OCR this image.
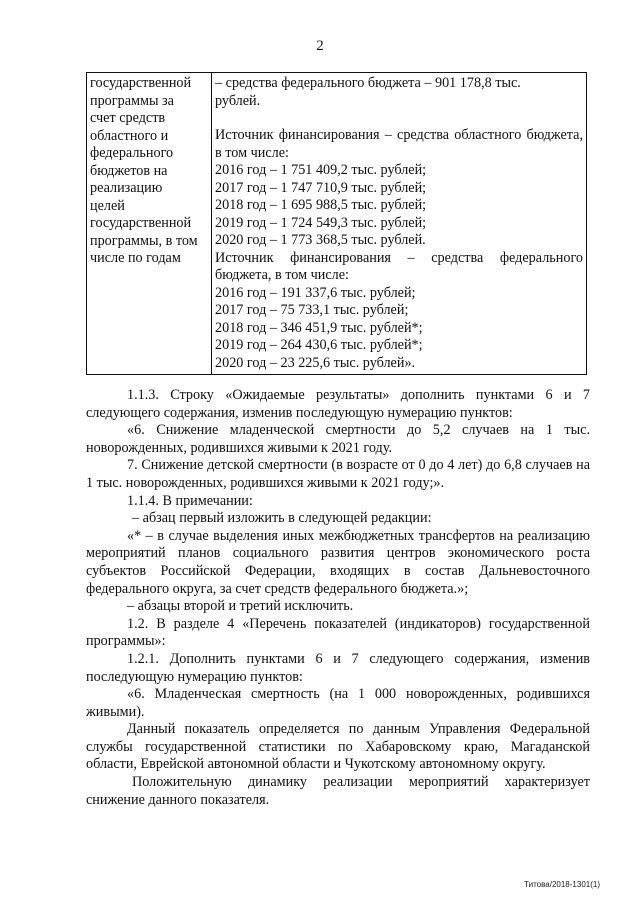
2
государственной
программы за
счет средств
областного и
федерального
бюджетов на
реализацию
целей
государственной
программы, в том
числе по годам

– средства федерального бюджета – 901 178,8 тыс.
рублей.

Источник финансирования – средства областного бюджета, в том числе:

2016 год – 1 751 409,2 тыс. рублей;
2017 год – 1 747 710,9 тыс. рублей;
2018 год – 1 695 988,5 тыс. рублей;
2019 год – 1 724 549,3 тыс. рублей;
2020 год – 1 773 368,5 тыс. рублей.

Источник финансирования – средства федерального бюджета, в том числе:

2016 год – 191 337,6 тыс. рублей;
2017 год – 75 733,1 тыс. рублей;
2018 год – 346 451,9 тыс. рублей*;
2019 год – 264 430,6 тыс. рублей*;
2020 год – 23 225,6 тыс. рублей».

1.1.3. Строку «Ожидаемые результаты» дополнить пунктами 6 и 7 следующего содержания, изменив последующую нумерацию пунктов:

«6. Снижение младенческой смертности до 5,2 случаев на 1 тыс. новорожденных, родившихся живыми к 2021 году.

7. Снижение детской смертности (в возрасте от 0 до 4 лет) до 6,8 случаев на 1 тыс. новорожденных, родившихся живыми к 2021 году;».

1.1.4. В примечании:

– абзац первый изложить в следующей редакции:

«* – в случае выделения иных межбюджетных трансфертов на реализацию мероприятий планов социального развития центров экономического роста субъектов Российской Федерации, входящих в состав Дальневосточного федерального округа, за счет средств федерального бюджета.»;

– абзацы второй и третий исключить.

1.2. В разделе 4 «Перечень показателей (индикаторов) государственной программы»:

1.2.1. Дополнить пунктами 6 и 7 следующего содержания, изменив последующую нумерацию пунктов:

«6. Младенческая смертность (на 1 000 новорожденных, родившихся живыми).

Данный показатель определяется по данным Управления Федеральной службы государственной статистики по Хабаровскому краю, Магаданской области, Еврейской автономной области и Чукотскому автономному округу.

Положительную динамику реализации мероприятий характеризует снижение данного показателя.

Титова/2018-1301(1)
